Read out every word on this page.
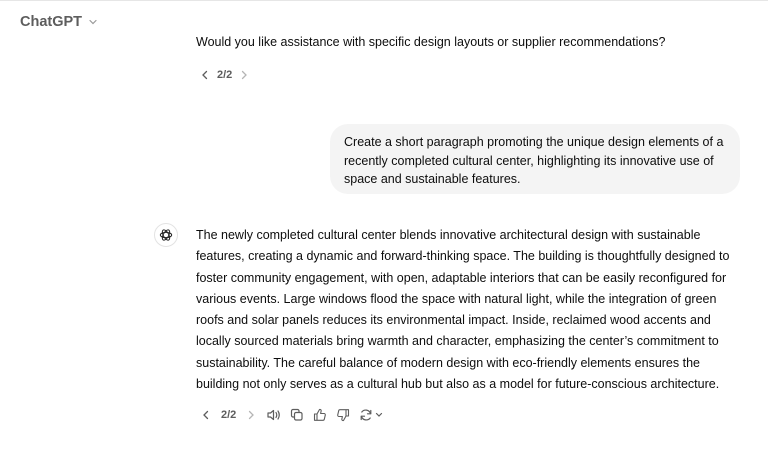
ChatGPT
Would you like assistance with specific design layouts or supplier recommendations?
2/2
Create a short paragraph promoting the unique design elements of a recently completed cultural center, highlighting its innovative use of space and sustainable features.
The newly completed cultural center blends innovative architectural design with sustainable features, creating a dynamic and forward-thinking space. The building is thoughtfully designed to foster community engagement, with open, adaptable interiors that can be easily reconfigured for various events. Large windows flood the space with natural light, while the integration of green roofs and solar panels reduces its environmental impact. Inside, reclaimed wood accents and locally sourced materials bring warmth and character, emphasizing the center’s commitment to sustainability. The careful balance of modern design with eco-friendly elements ensures the building not only serves as a cultural hub but also as a model for future-conscious architecture.
2/2
